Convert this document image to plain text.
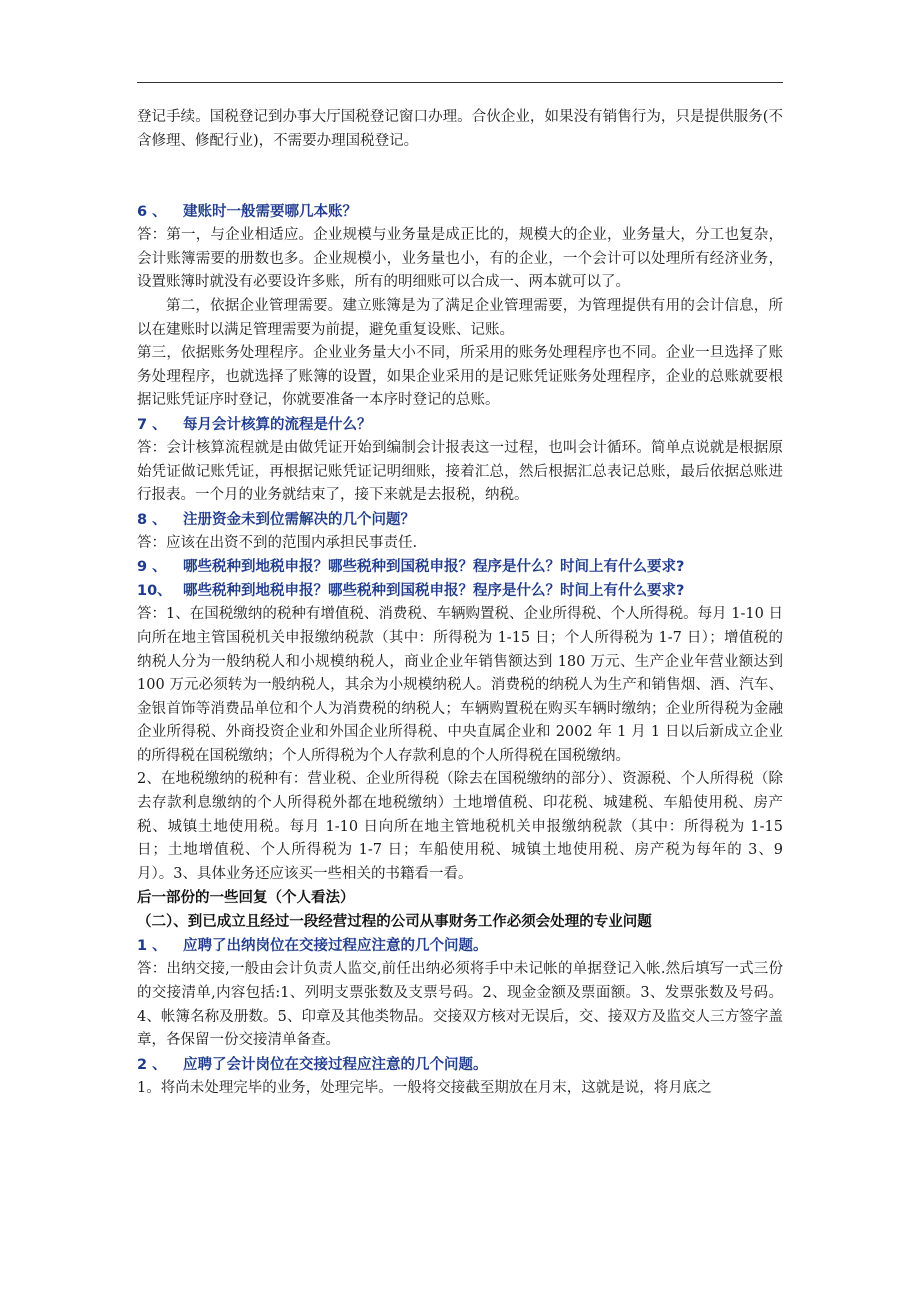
登记手续。国税登记到办事大厅国税登记窗口办理。合伙企业，如果没有销售行为，只是提供服务(不含修理、修配行业)，不需要办理国税登记。

6 、 建账时一般需要哪几本账？

答：第一，与企业相适应。企业规模与业务量是成正比的，规模大的企业，业务量大，分工也复杂，会计账簿需要的册数也多。企业规模小，业务量也小，有的企业，一个会计可以处理所有经济业务，设置账簿时就没有必要设许多账，所有的明细账可以合成一、两本就可以了。

第二，依据企业管理需要。建立账簿是为了满足企业管理需要，为管理提供有用的会计信息，所以在建账时以满足管理需要为前提，避免重复设账、记账。

第三，依据账务处理程序。企业业务量大小不同，所采用的账务处理程序也不同。企业一旦选择了账务处理程序，也就选择了账簿的设置，如果企业采用的是记账凭证账务处理程序，企业的总账就要根据记账凭证序时登记，你就要准备一本序时登记的总账。

7 、 每月会计核算的流程是什么？

答：会计核算流程就是由做凭证开始到编制会计报表这一过程，也叫会计循环。简单点说就是根据原始凭证做记账凭证，再根据记账凭证记明细账，接着汇总，然后根据汇总表记总账，最后依据总账进行报表。一个月的业务就结束了，接下来就是去报税，纳税。

8 、 注册资金未到位需解决的几个问题？

答：应该在出资不到的范围内承担民事责任.

9 、 哪些税种到地税申报？哪些税种到国税申报？程序是什么？时间上有什么要求?

10、 哪些税种到地税申报？哪些税种到国税申报？程序是什么？时间上有什么要求?

答：1、在国税缴纳的税种有增值税、消费税、车辆购置税、企业所得税、个人所得税。每月 1-10 日向所在地主管国税机关申报缴纳税款（其中：所得税为 1-15 日；个人所得税为 1-7 日）；增值税的纳税人分为一般纳税人和小规模纳税人，商业企业年销售额达到 180 万元、生产企业年营业额达到 100 万元必须转为一般纳税人，其余为小规模纳税人。消费税的纳税人为生产和销售烟、酒、汽车、金银首饰等消费品单位和个人为消费税的纳税人；车辆购置税在购买车辆时缴纳；企业所得税为金融企业所得税、外商投资企业和外国企业所得税、中央直属企业和 2002 年 1 月 1 日以后新成立企业的所得税在国税缴纳；个人所得税为个人存款利息的个人所得税在国税缴纳。

2、在地税缴纳的税种有：营业税、企业所得税（除去在国税缴纳的部分）、资源税、个人所得税（除去存款利息缴纳的个人所得税外都在地税缴纳）土地增值税、印花税、城建税、车船使用税、房产税、城镇土地使用税。每月 1-10 日向所在地主管地税机关申报缴纳税款（其中：所得税为 1-15 日；土地增值税、个人所得税为 1-7 日；车船使用税、城镇土地使用税、房产税为每年的 3、9 月）。3、具体业务还应该买一些相关的书籍看一看。

后一部份的一些回复（个人看法）

（二）、到已成立且经过一段经营过程的公司从事财务工作必须会处理的专业问题

1 、 应聘了出纳岗位在交接过程应注意的几个问题。

答：出纳交接,一般由会计负责人监交,前任出纳必须将手中未记帐的单据登记入帐.然后填写一式三份的交接清单,内容包括:1、列明支票张数及支票号码。2、现金金额及票面额。3、发票张数及号码。4、帐簿名称及册数。5、印章及其他类物品。交接双方核对无误后，交、接双方及监交人三方签字盖章，各保留一份交接清单备查。

2 、 应聘了会计岗位在交接过程应注意的几个问题。

1。将尚未处理完毕的业务，处理完毕。一般将交接截至期放在月末，这就是说，将月底之
